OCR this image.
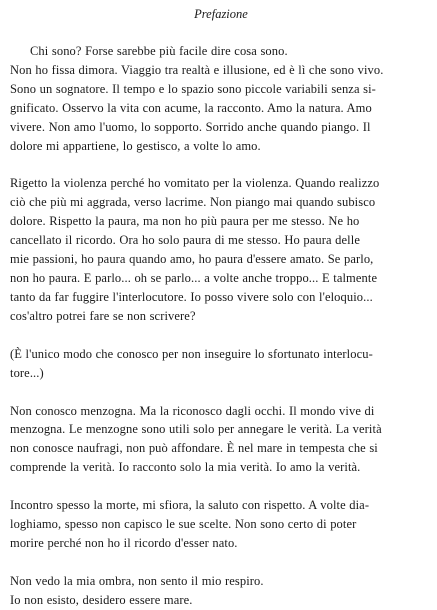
Prefazione
Chi sono? Forse sarebbe più facile dire cosa sono.
Non ho fissa dimora. Viaggio tra realtà e illusione, ed è lì che sono vivo.
Sono un sognatore. Il tempo e lo spazio sono piccole variabili senza si-
gnificato. Osservo la vita con acume, la racconto. Amo la natura. Amo
vivere. Non amo l'uomo, lo sopporto. Sorrido anche quando piango. Il
dolore mi appartiene, lo gestisco, a volte lo amo.
Rigetto la violenza perché ho vomitato per la violenza. Quando realizzo
ciò che più mi aggrada, verso lacrime. Non piango mai quando subisco
dolore. Rispetto la paura, ma non ho più paura per me stesso. Ne ho
cancellato il ricordo. Ora ho solo paura di me stesso. Ho paura delle
mie passioni, ho paura quando amo, ho paura d'essere amato. Se parlo,
non ho paura. E parlo... oh se parlo... a volte anche troppo... E talmente
tanto da far fuggire l'interlocutore. Io posso vivere solo con l'eloquio...
cos'altro potrei fare se non scrivere?
(È l'unico modo che conosco per non inseguire lo sfortunato interlocu-
tore...)
Non conosco menzogna. Ma la riconosco dagli occhi. Il mondo vive di
menzogna. Le menzogne sono utili solo per annegare le verità. La verità
non conosce naufragi, non può affondare. È nel mare in tempesta che si
comprende la verità. Io racconto solo la mia verità. Io amo la verità.
Incontro spesso la morte, mi sfiora, la saluto con rispetto. A volte dia-
loghiamo, spesso non capisco le sue scelte. Non sono certo di poter
morire perché non ho il ricordo d'esser nato.
Non vedo la mia ombra, non sento il mio respiro.
Io non esisto, desidero essere mare.
